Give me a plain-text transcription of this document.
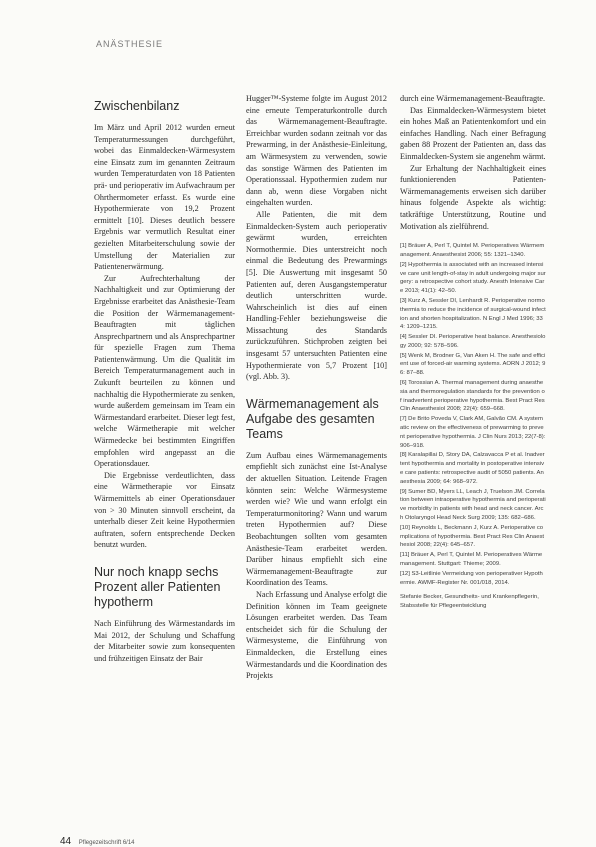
ANÄSTHESIE
Zwischenbilanz

Im März und April 2012 wurden erneut Temperaturmessungen durchgeführt, wobei das Einmaldecken-Wärmesystem eine Einsatz zum im genannten Zeitraum wurden Temperaturdaten von 18 Patienten prä- und perioperativ im Aufwachraum per Ohrthermometer erfasst. Es wurde eine Hypothermierate von 19,2 Prozent ermittelt [10]. Dieses deutlich bessere Ergebnis war vermutlich Resultat einer gezielten Mitarbeiterschulung sowie der Umstellung der Materialien zur Patientenerwärmung.

Zur Aufrechterhaltung der Nachhaltigkeit und zur Optimierung der Ergebnisse erarbeitet das Anästhesie-Team die Position der Wärmemanagement-Beauftragten mit täglichen Ansprechpartnern und als Ansprechpartner für spezielle Fragen zum Thema Patientenwärmung. Um die Qualität im Bereich Temperaturmanagement auch in Zukunft beurteilen zu können und nachhaltig die Hypothermierate zu senken, wurde außerdem gemeinsam im Team ein Wärmestandard erarbeitet. Dieser legt fest, welche Wärmetherapie mit welcher Wärmedecke bei bestimmten Eingriffen empfohlen wird angepasst an die Operationsdauer.

Die Ergebnisse verdeutlichten, dass eine Wärmetherapie vor Einsatz Wärmemittels ab einer Operationsdauer von > 30 Minuten sinnvoll erscheint, da unterhalb dieser Zeit keine Hypothermien auftraten, sofern entsprechende Decken benutzt wurden.

Nur noch knapp sechs Prozent aller Patienten hypotherm

Nach Einführung des Wärmestandards im Mai 2012, der Schulung und Schaffung der Mitarbeiter sowie zum konsequenten und frühzeitigen Einsatz der Bair

Hugger™-Systeme folgte im August 2012 eine erneute Temperaturkontrolle durch das Wärmemanagement-Beauftragte. Erreichbar wurden sodann zeitnah vor das Prewarming, in der Anästhesie-Einleitung, am Wärmesystem zu verwenden, sowie das sonstige Wärmen des Patienten im Operationssaal. Hypothermien zudem nur dann ab, wenn diese Vorgaben nicht eingehalten wurden.

Alle Patienten, die mit dem Einmaldecken-System auch perioperativ gewärmt wurden, erreichten Normothermie. Dies unterstreicht noch einmal die Bedeutung des Prewarmings [5]. Die Auswertung mit insgesamt 50 Patienten auf, deren Ausgangstemperatur deutlich unterschritten wurde. Wahrscheinlich ist dies auf einen Handling-Fehler beziehungsweise die Missachtung des Standards zurückzuführen. Stichproben zeigten bei insgesamt 57 untersuchten Patienten eine Hypothermierate von 5,7 Prozent [10] (vgl. Abb. 3).

Wärmemanagement als Aufgabe des gesamten Teams

Zum Aufbau eines Wärmemanagements empfiehlt sich zunächst eine Ist-Analyse der aktuellen Situation. Leitende Fragen könnten sein: Welche Wärmesysteme werden wie? Wie und wann erfolgt ein Temperaturmonitoring? Wann und warum treten Hypothermien auf? Diese Beobachtungen sollten vom gesamten Anästhesie-Team erarbeitet werden. Darüber hinaus empfiehlt sich eine Wärmemanagement-Beauftragte zur Koordination des Teams.

Nach Erfassung und Analyse erfolgt die Definition können im Team geeignete Lösungen erarbeitet werden. Das Team entscheidet sich für die Schulung der Wärmesysteme, die Einführung von Einmaldecken, die Erstellung eines Wärmestandards und die Koordination des Projekts

durch eine Wärmemanagement-Beauftragte.

Das Einmaldecken-Wärmesystem bietet ein hohes Maß an Patientenkomfort und ein einfaches Handling. Nach einer Befragung gaben 88 Prozent der Patienten an, dass das Einmaldecken-System sie angenehm wärmt.

Zur Erhaltung der Nachhaltigkeit eines funktionierenden Patienten-Wärmemanagements erweisen sich darüber hinaus folgende Aspekte als wichtig: tatkräftige Unterstützung, Routine und Motivation als zielführend.

[1] Bräuer A, Perl T, Quintel M. Perioperatives Wärmemanagement. Anaesthesist 2006; 55: 1321–1340.
[2] Hypothermia is associated with an increased intensive care unit length-of-stay in adult undergoing major surgery: a retrospective cohort study. Anesth Intensive Care 2013; 41(1): 42–50.
[3] Kurz A, Sessler DI, Lenhardt R. Perioperative normothermia to reduce the incidence of surgical-wound infection and shorten hospitalization. N Engl J Med 1996; 334: 1209–1215.
[4] Sessler DI. Perioperative heat balance. Anesthesiology 2000; 92: 578–596.
[5] Wenk M, Brodner G, Van Aken H. The safe and efficient use of forced-air warming systems. AORN J 2012; 96: 87–88.
[6] Torossian A. Thermal management during anaesthesia and thermoregulation standards for the prevention of inadvertent perioperative hypothermia. Best Pract Res Clin Anaesthesiol 2008; 22(4): 659–668.
[7] De Brito Poveda V, Clark AM, Galvão CM. A systematic review on the effectiveness of prewarming to prevent perioperative hypothermia. J Clin Nurs 2013; 22(7-8): 906–918.
[8] Karalapillai D, Story DA, Calzavacca P et al. Inadvertent hypothermia and mortality in postoperative intensive care patients: retrospective audit of 5050 patients. Anaesthesia 2009; 64: 968–972.
[9] Sumer BD, Myers LL, Leach J, Truelson JM. Correlation between intraoperative hypothermia and perioperative morbidity in patients with head and neck cancer. Arch Otolaryngol Head Neck Surg 2009; 135: 682–686.
[10] Reynolds L, Beckmann J, Kurz A. Perioperative complications of hypothermia. Best Pract Res Clin Anaesthesiol 2008; 22(4): 645–657.
[11] Bräuer A, Perl T, Quintel M. Perioperatives Wärmemanagement. Stuttgart: Thieme; 2009.
[12] S3-Leitlinie Vermeidung von perioperativer Hypothermie. AWMF-Register Nr. 001/018, 2014.
Stefanie Becker, Gesundheits- und Krankenpflegerin, Stabsstelle für Pflegeentwicklung
44 Pflegezeitschrift 6/14
